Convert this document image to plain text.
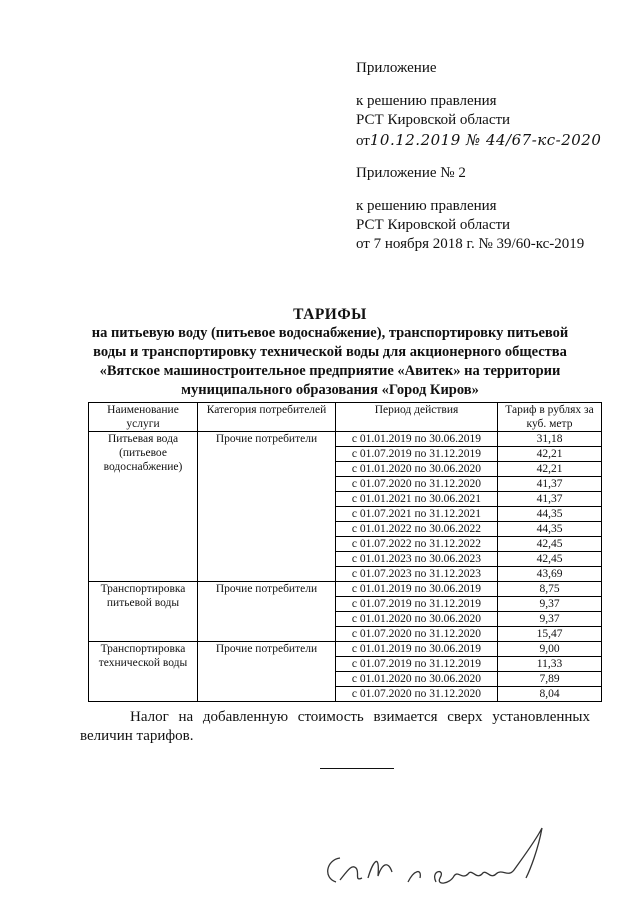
Приложение
к решению правления
РСТ Кировской области
от10.12.2019 № 44/67-кс-2020
Приложение № 2
к решению правления
РСТ Кировской области
от 7 ноября 2018 г. № 39/60-кс-2019
ТАРИФЫ
на питьевую воду (питьевое водоснабжение), транспортировку питьевой
воды и транспортировку технической воды для акционерного общества
«Вятское машиностроительное предприятие «Авитек» на территории
муниципального образования «Город Киров»
Наименование услуги	Категория потребителей	Период действия	Тариф в рублях за куб. метр
Питьевая вода (питьевое водоснабжение)	Прочие потребители	с 01.01.2019 по 30.06.2019	31,18
		с 01.07.2019 по 31.12.2019	42,21
		с 01.01.2020 по 30.06.2020	42,21
		с 01.07.2020 по 31.12.2020	41,37
		с 01.01.2021 по 30.06.2021	41,37
		с 01.07.2021 по 31.12.2021	44,35
		с 01.01.2022 по 30.06.2022	44,35
		с 01.07.2022 по 31.12.2022	42,45
		с 01.01.2023 по 30.06.2023	42,45
		с 01.07.2023 по 31.12.2023	43,69
Транспортировка питьевой воды	Прочие потребители	с 01.01.2019 по 30.06.2019	8,75
		с 01.07.2019 по 31.12.2019	9,37
		с 01.01.2020 по 30.06.2020	9,37
		с 01.07.2020 по 31.12.2020	15,47
Транспортировка технической воды	Прочие потребители	с 01.01.2019 по 30.06.2019	9,00
		с 01.07.2019 по 31.12.2019	11,33
		с 01.01.2020 по 30.06.2020	7,89
		с 01.07.2020 по 31.12.2020	8,04
Налог на добавленную стоимость взимается сверх установленных величин тарифов.
